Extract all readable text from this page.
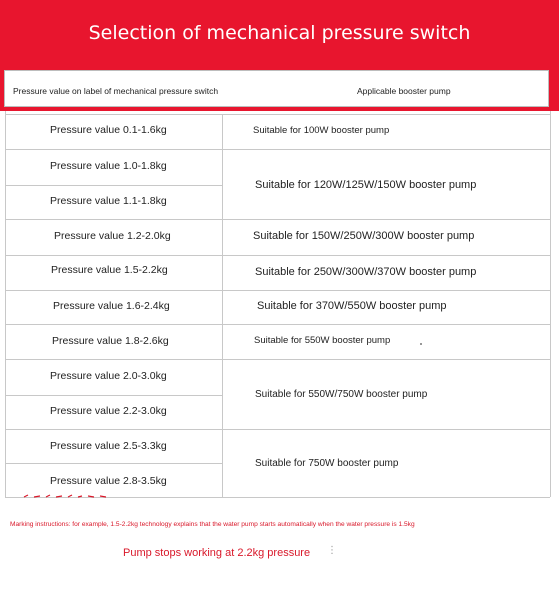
Selection of mechanical pressure switch
Pressure value on label of mechanical pressure switch	Applicable booster pump
Pressure value 0.1-1.6kg
Pressure value 1.0-1.8kg
Pressure value 1.1-1.8kg
Pressure value 1.2-2.0kg
Pressure value 1.5-2.2kg
Pressure value 1.6-2.4kg
Pressure value 1.8-2.6kg
Pressure value 2.0-3.0kg
Pressure value 2.2-3.0kg
Pressure value 2.5-3.3kg
Pressure value 2.8-3.5kg
Suitable for 100W booster pump
Suitable for 120W/125W/150W booster pump
Suitable for 150W/250W/300W booster pump
Suitable for 250W/300W/370W booster pump
Suitable for 370W/550W booster pump
Suitable for 550W booster pump
Suitable for 550W/750W booster pump
Suitable for 750W booster pump
Marking instructions: for example, 1.5-2.2kg technology explains that the water pump starts automatically when the water pressure is 1.5kg
Pump stops working at 2.2kg pressure ⋮
